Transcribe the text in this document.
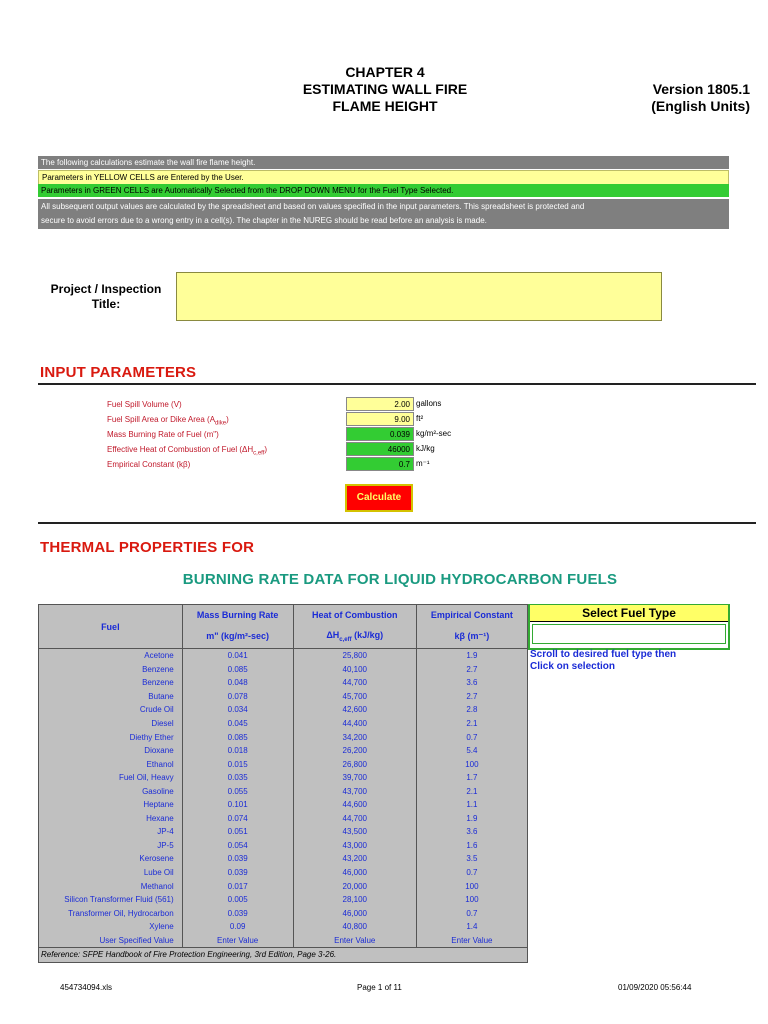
CHAPTER 4
ESTIMATING WALL FIRE
FLAME HEIGHT
Version 1805.1
(English Units)
The following calculations estimate the wall fire flame height.
Parameters in YELLOW CELLS are Entered by the User.
Parameters in GREEN CELLS are Automatically Selected from the DROP DOWN MENU for the Fuel Type Selected.
All subsequent output values are calculated by the spreadsheet and based on values specified in the input parameters. This spreadsheet is protected and
secure to avoid errors due to a wrong entry in a cell(s). The chapter in the NUREG should be read before an analysis is made.
Project / Inspection
Title:
INPUT PARAMETERS
Fuel Spill Volume (V)	2.00 gallons
Fuel Spill Area or Dike Area $(A_{dike})$	9.00 ft²
Mass Burning Rate of Fuel (m")	0.039 kg/m²-sec
Effective Heat of Combustion of Fuel $(\Delta H_{c,eff})$	46000 kJ/kg
Empirical Constant (kβ)	0.7 m⁻¹
Calculate
THERMAL PROPERTIES FOR
BURNING RATE DATA FOR LIQUID HYDROCARBON FUELS
Fuel	Mass Burning Rate	Heat of Combustion	Empirical Constant
	m" (kg/m²-sec)	$\Delta H_{c,eff}$ (kJ/kg)	kβ (m⁻¹)
Acetone	0.041	25,800	1.9
Benzene	0.085	40,100	2.7
Benzene	0.048	44,700	3.6
Butane	0.078	45,700	2.7
Crude Oil	0.034	42,600	2.8
Diesel	0.045	44,400	2.1
Diethy Ether	0.085	34,200	0.7
Dioxane	0.018	26,200	5.4
Ethanol	0.015	26,800	100
Fuel Oil, Heavy	0.035	39,700	1.7
Gasoline	0.055	43,700	2.1
Heptane	0.101	44,600	1.1
Hexane	0.074	44,700	1.9
JP-4	0.051	43,500	3.6
JP-5	0.054	43,000	1.6
Kerosene	0.039	43,200	3.5
Lube Oil	0.039	46,000	0.7
Methanol	0.017	20,000	100
Silicon Transformer Fluid (561)	0.005	28,100	100
Transformer Oil, Hydrocarbon	0.039	46,000	0.7
Xylene	0.09	40,800	1.4
User Specified Value	Enter Value	Enter Value	Enter Value
Reference: SFPE Handbook of Fire Protection Engineering, 3rd Edition, Page 3-26.			
Select Fuel Type
Scroll to desired fuel type then
Click on selection
454734094.xls	Page 1 of 11	01/09/2020 05:56:44
